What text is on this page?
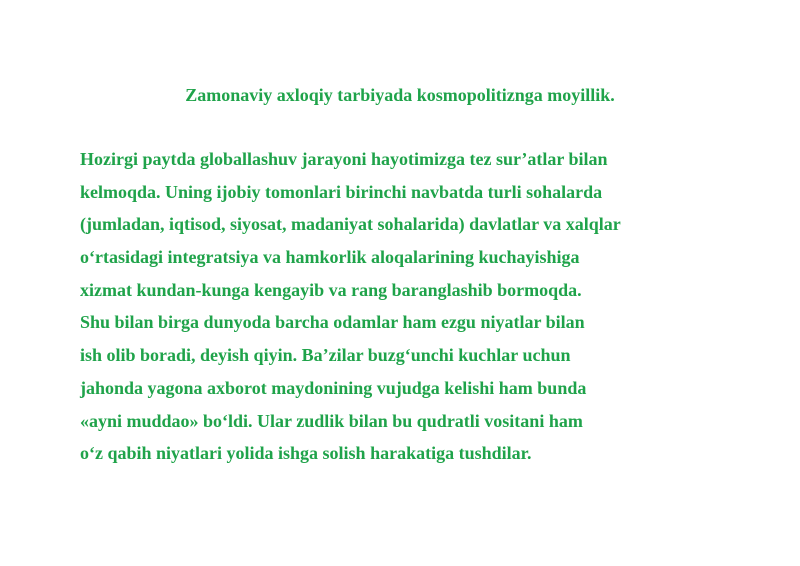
Zamonaviy axloqiy tarbiyada kosmopolitiznga moyillik.
Hozirgi paytda globallashuv jarayoni hayotimizga tez sur’atlar bilan
kelmoqda. Uning ijobiy tomonlari birinchi navbatda turli sohalarda
(jumladan, iqtisod, siyosat, madaniyat sohalarida) davlatlar va xalqlar
o‘rtasidagi integratsiya va hamkorlik aloqalarining kuchayishiga
xizmat kundan-kunga kengayib va rang baranglashib bormoqda.
Shu bilan birga dunyoda barcha odamlar ham ezgu niyatlar bilan
ish olib boradi, deyish qiyin. Ba’zilar buzg‘unchi kuchlar uchun
jahonda yagona axborot maydonining vujudga kelishi ham bunda
«ayni muddao» bo‘ldi. Ular zudlik bilan bu qudratli vositani ham
o‘z qabih niyatlari yolida ishga solish harakatiga tushdilar.
